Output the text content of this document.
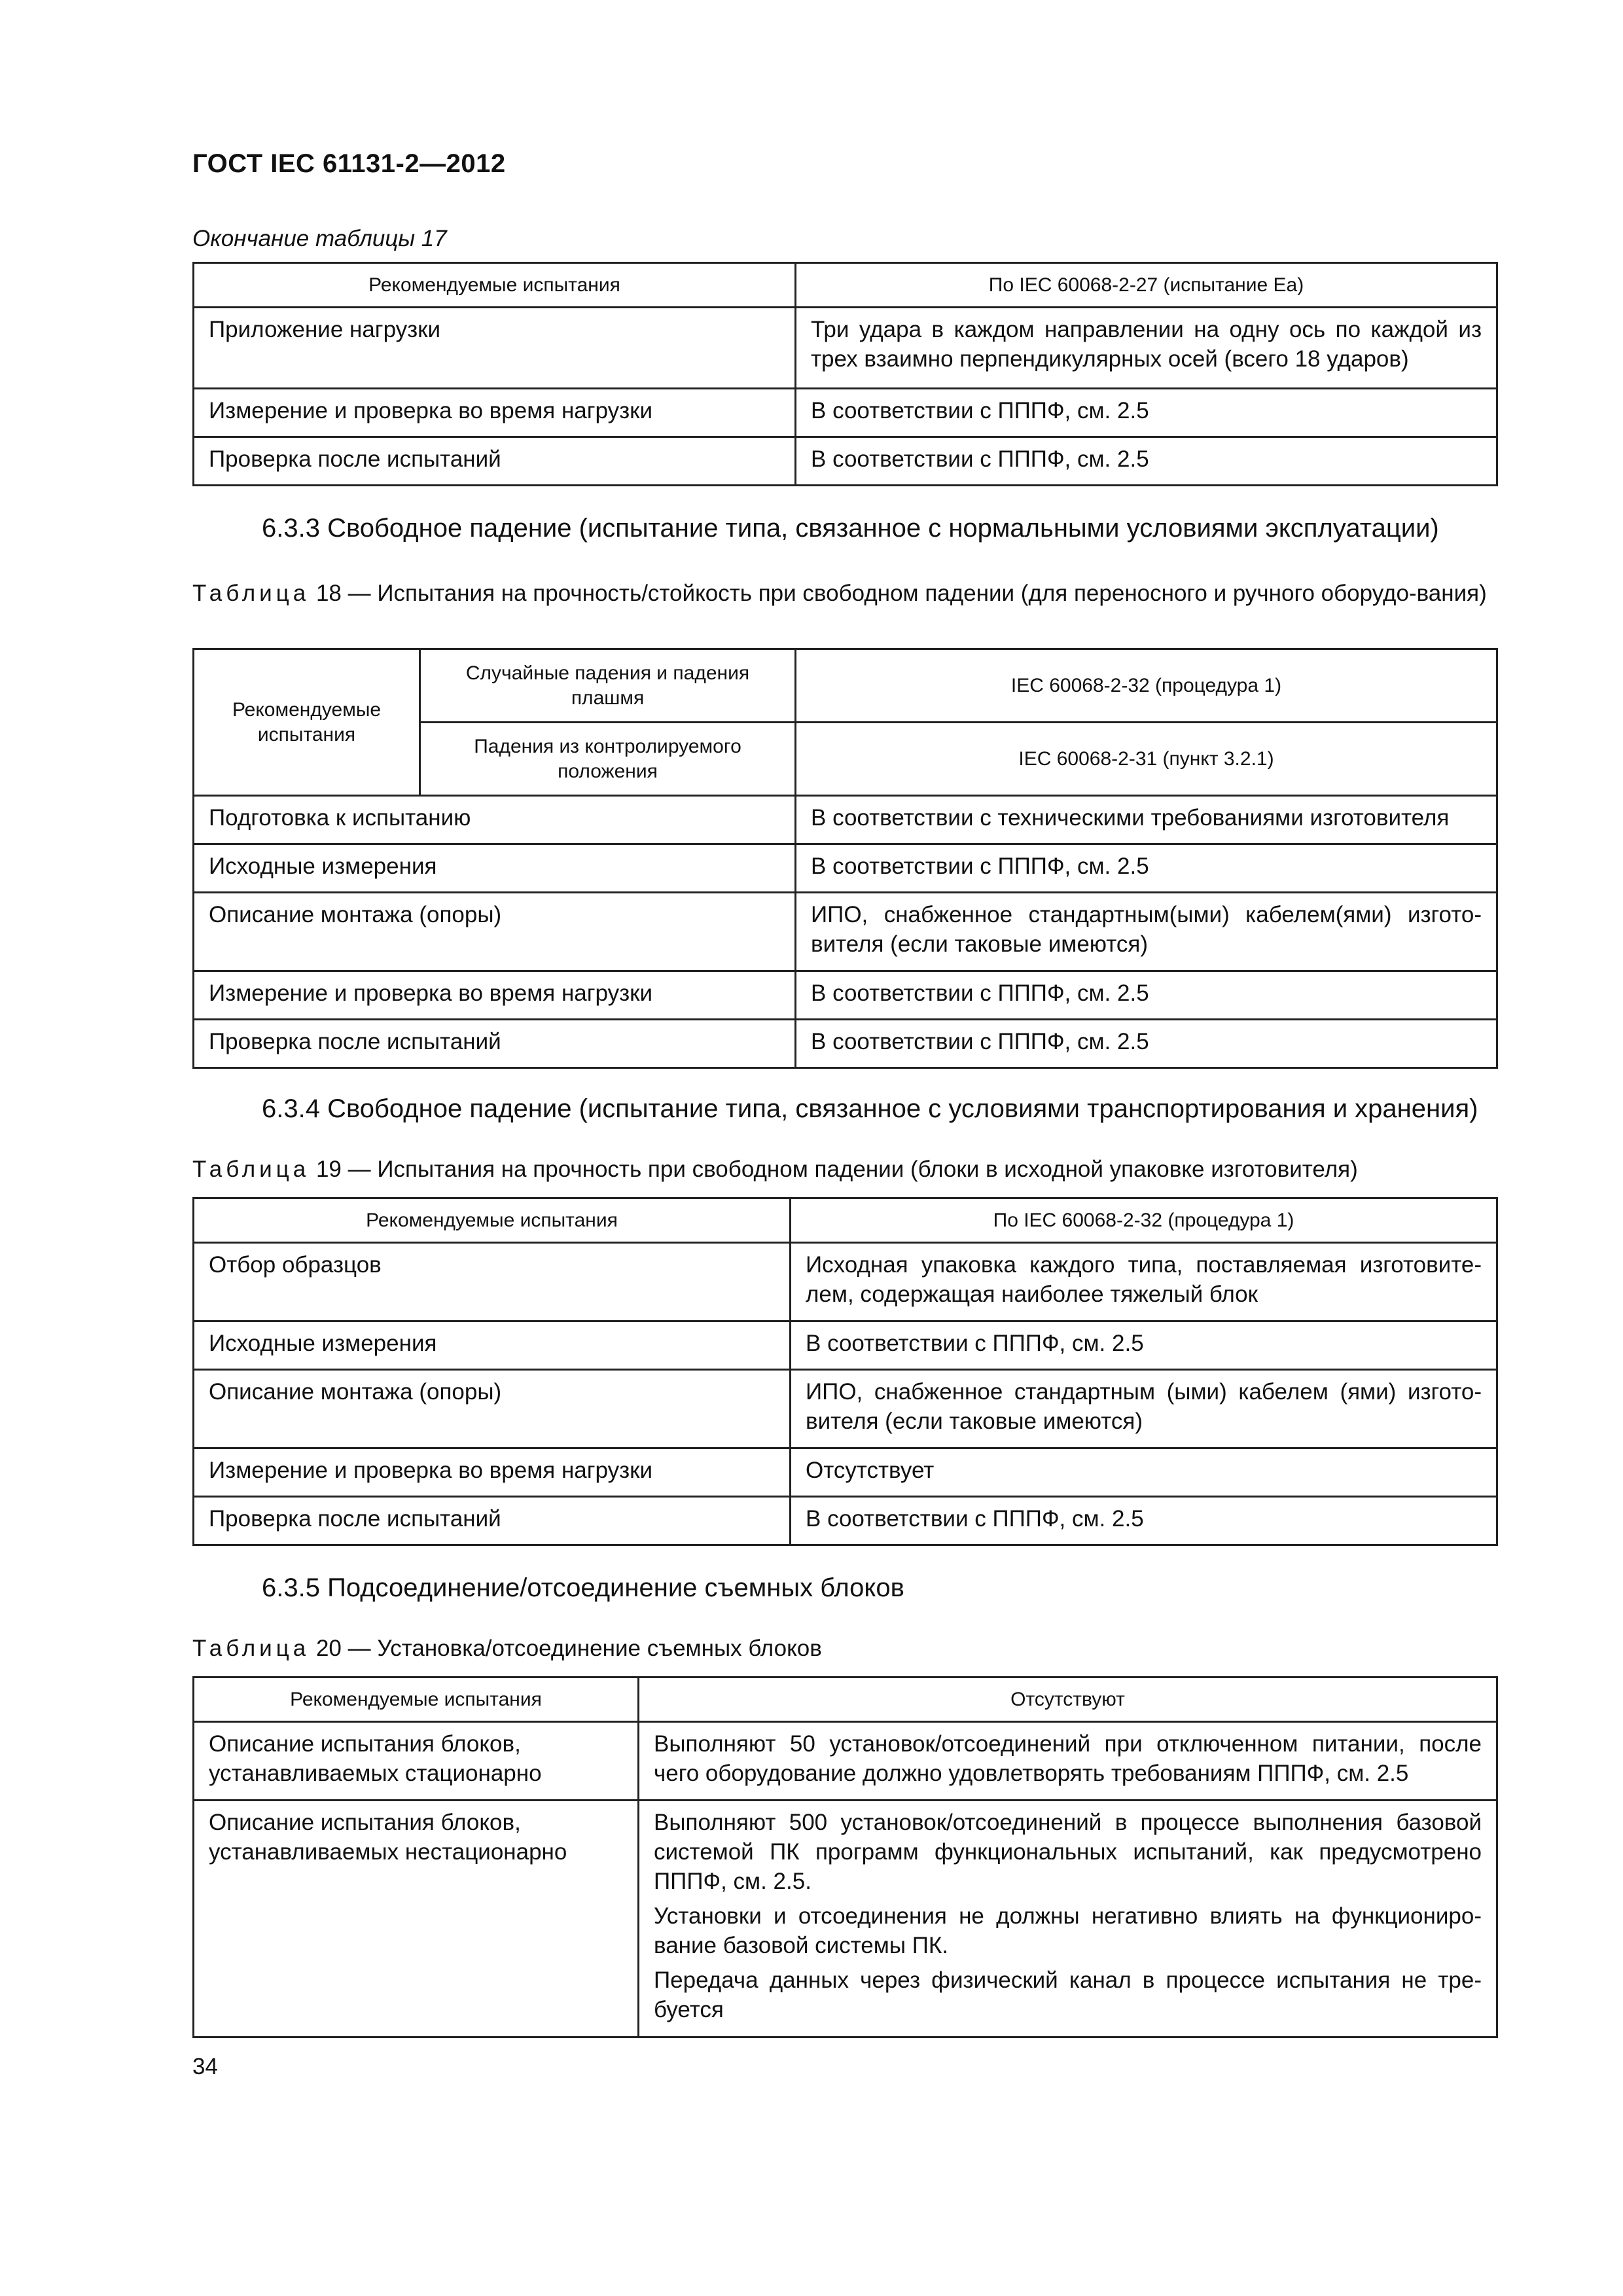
ГОСТ IEC 61131-2—2012
Окончание таблицы 17
Рекомендуемые испытания	По IEC 60068-2-27 (испытание Ea)
Приложение нагрузки	Три удара в каждом направлении на одну ось по каждой из трех взаимно перпендикулярных осей (всего 18 ударов)
Измерение и проверка во время нагрузки	В соответствии с ПППФ, см. 2.5
Проверка после испытаний	В соответствии с ПППФ, см. 2.5
6.3.3 Свободное падение (испытание типа, связанное с нормальными условиями эксплуатации)
Таблица 18 — Испытания на прочность/стойкость при свободном падении (для переносного и ручного оборудо-вания)
Рекомендуемые испытания	Случайные падения и падения плашмя	IEC 60068-2-32 (процедура 1)
	Падения из контролируемого положения	IEC 60068-2-31 (пункт 3.2.1)
Подготовка к испытанию		В соответствии с техническими требованиями изготовителя
Исходные измерения		В соответствии с ПППФ, см. 2.5
Описание монтажа (опоры)		ИПО, снабженное стандартным(ыми) кабелем(ями) изгото-вителя (если таковые имеются)
Измерение и проверка во время нагрузки		В соответствии с ПППФ, см. 2.5
Проверка после испытаний		В соответствии с ПППФ, см. 2.5
6.3.4 Свободное падение (испытание типа, связанное с условиями транспортирования и хранения)
Таблица 19 — Испытания на прочность при свободном падении (блоки в исходной упаковке изготовителя)
Рекомендуемые испытания	По IEC 60068-2-32 (процедура 1)
Отбор образцов	Исходная упаковка каждого типа, поставляемая изготовите-лем, содержащая наиболее тяжелый блок
Исходные измерения	В соответствии с ПППФ, см. 2.5
Описание монтажа (опоры)	ИПО, снабженное стандартным (ыми) кабелем (ями) изгото-вителя (если таковые имеются)
Измерение и проверка во время нагрузки	Отсутствует
Проверка после испытаний	В соответствии с ПППФ, см. 2.5
6.3.5 Подсоединение/отсоединение съемных блоков
Таблица 20 — Установка/отсоединение съемных блоков
Рекомендуемые испытания	Отсутствуют
Описание испытания блоков, устанавливаемых стационарно	Выполняют 50 установок/отсоединений при отключенном питании, после чего оборудование должно удовлетворять требованиям ПППФ, см. 2.5
Описание испытания блоков, устанавливаемых нестационарно	Выполняют 500 установок/отсоединений в процессе выполнения базовой системой ПК программ функциональных испытаний, как предусмотрено ПППФ, см. 2.5.

Установки и отсоединения не должны негативно влиять на функциониро-вание базовой системы ПК.

Передача данных через физический канал в процессе испытания не тре-буется

34
